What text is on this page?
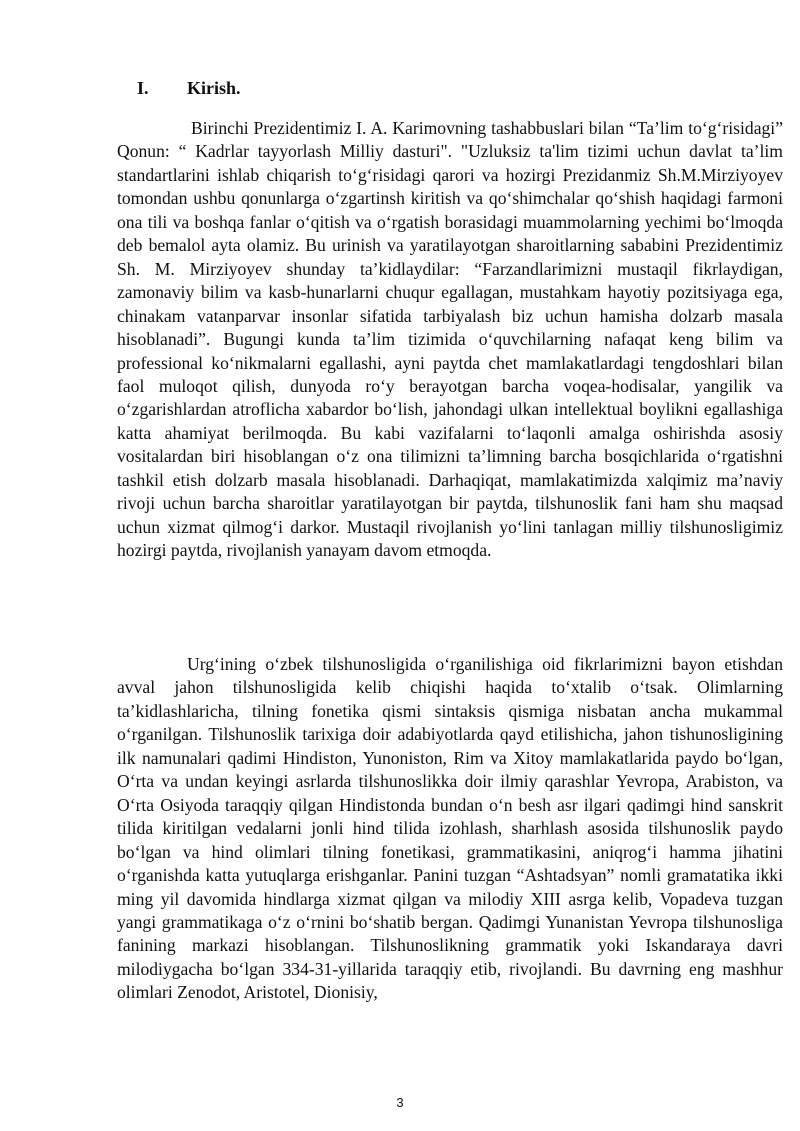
I. Kirish.

Birinchi Prezidentimiz I. A. Karimovning tashabbuslari bilan “Ta’lim to‘g‘risidagi” Qonun: “ Kadrlar tayyorlash Milliy dasturi". "Uzluksiz ta'lim tizimi uchun davlat ta’lim standartlarini ishlab chiqarish to‘g‘risidagi qarori va hozirgi Prezidanmiz Sh.M.Mirziyoyev tomondan ushbu qonunlarga o‘zgartinsh kiritish va qo‘shimchalar qo‘shish haqidagi farmoni ona tili va boshqa fanlar o‘qitish va o‘rgatish borasidagi muammolarning yechimi bo‘lmoqda deb bemalol ayta olamiz. Bu urinish va yaratilayotgan sharoitlarning sababini Prezidentimiz Sh. M. Mirziyoyev shunday ta’kidlaydilar: “Farzandlarimizni mustaqil fikrlaydigan, zamonaviy bilim va kasb-hunarlarni chuqur egallagan, mustahkam hayotiy pozitsiyaga ega, chinakam vatanparvar insonlar sifatida tarbiyalash biz uchun hamisha dolzarb masala hisoblanadi”. Bugungi kunda ta’lim tizimida o‘quvchilarning nafaqat keng bilim va professional ko‘nikmalarni egallashi, ayni paytda chet mamlakatlardagi tengdoshlari bilan faol muloqot qilish, dunyoda ro‘y berayotgan barcha voqea-hodisalar, yangilik va o‘zgarishlardan atroflicha xabardor bo‘lish, jahondagi ulkan intellektual boylikni egallashiga katta ahamiyat berilmoqda. Bu kabi vazifalarni to‘laqonli amalga oshirishda asosiy vositalardan biri hisoblangan o‘z ona tilimizni ta’limning barcha bosqichlarida o‘rgatishni tashkil etish dolzarb masala hisoblanadi. Darhaqiqat, mamlakatimizda xalqimiz ma’naviy rivoji uchun barcha sharoitlar yaratilayotgan bir paytda, tilshunoslik fani ham shu maqsad uchun xizmat qilmog‘i darkor. Mustaqil rivojlanish yo‘lini tanlagan milliy tilshunosligimiz hozirgi paytda, rivojlanish yanayam davom etmoqda.

Urg‘ining o‘zbek tilshunosligida o‘rganilishiga oid fikrlarimizni bayon etishdan avval jahon tilshunosligida kelib chiqishi haqida to‘xtalib o‘tsak. Olimlarning ta’kidlashlaricha, tilning fonetika qismi sintaksis qismiga nisbatan ancha mukammal o‘rganilgan. Tilshunoslik tarixiga doir adabiyotlarda qayd etilishicha, jahon tishunosligining ilk namunalari qadimi Hindiston, Yunoniston, Rim va Xitoy mamlakatlarida paydo bo‘lgan, O‘rta va undan keyingi asrlarda tilshunoslikka doir ilmiy qarashlar Yevropa, Arabiston, va O‘rta Osiyoda taraqqiy qilgan Hindistonda bundan o‘n besh asr ilgari qadimgi hind sanskrit tilida kiritilgan vedalarni jonli hind tilida izohlash, sharhlash asosida tilshunoslik paydo bo‘lgan va hind olimlari tilning fonetikasi, grammatikasini, aniqrog‘i hamma jihatini o‘rganishda katta yutuqlarga erishganlar. Panini tuzgan “Ashtadsyan” nomli gramatatika ikki ming yil davomida hindlarga xizmat qilgan va milodiy XIII asrga kelib, Vopadeva tuzgan yangi grammatikaga o‘z o‘rnini bo‘shatib bergan. Qadimgi Yunanistan Yevropa tilshunosliga fanining markazi hisoblangan. Tilshunoslikning grammatik yoki Iskandaraya davri milodiygacha bo‘lgan 334-31-yillarida taraqqiy etib, rivojlandi. Bu davrning eng mashhur olimlari Zenodot, Aristotel, Dionisiy,

3
